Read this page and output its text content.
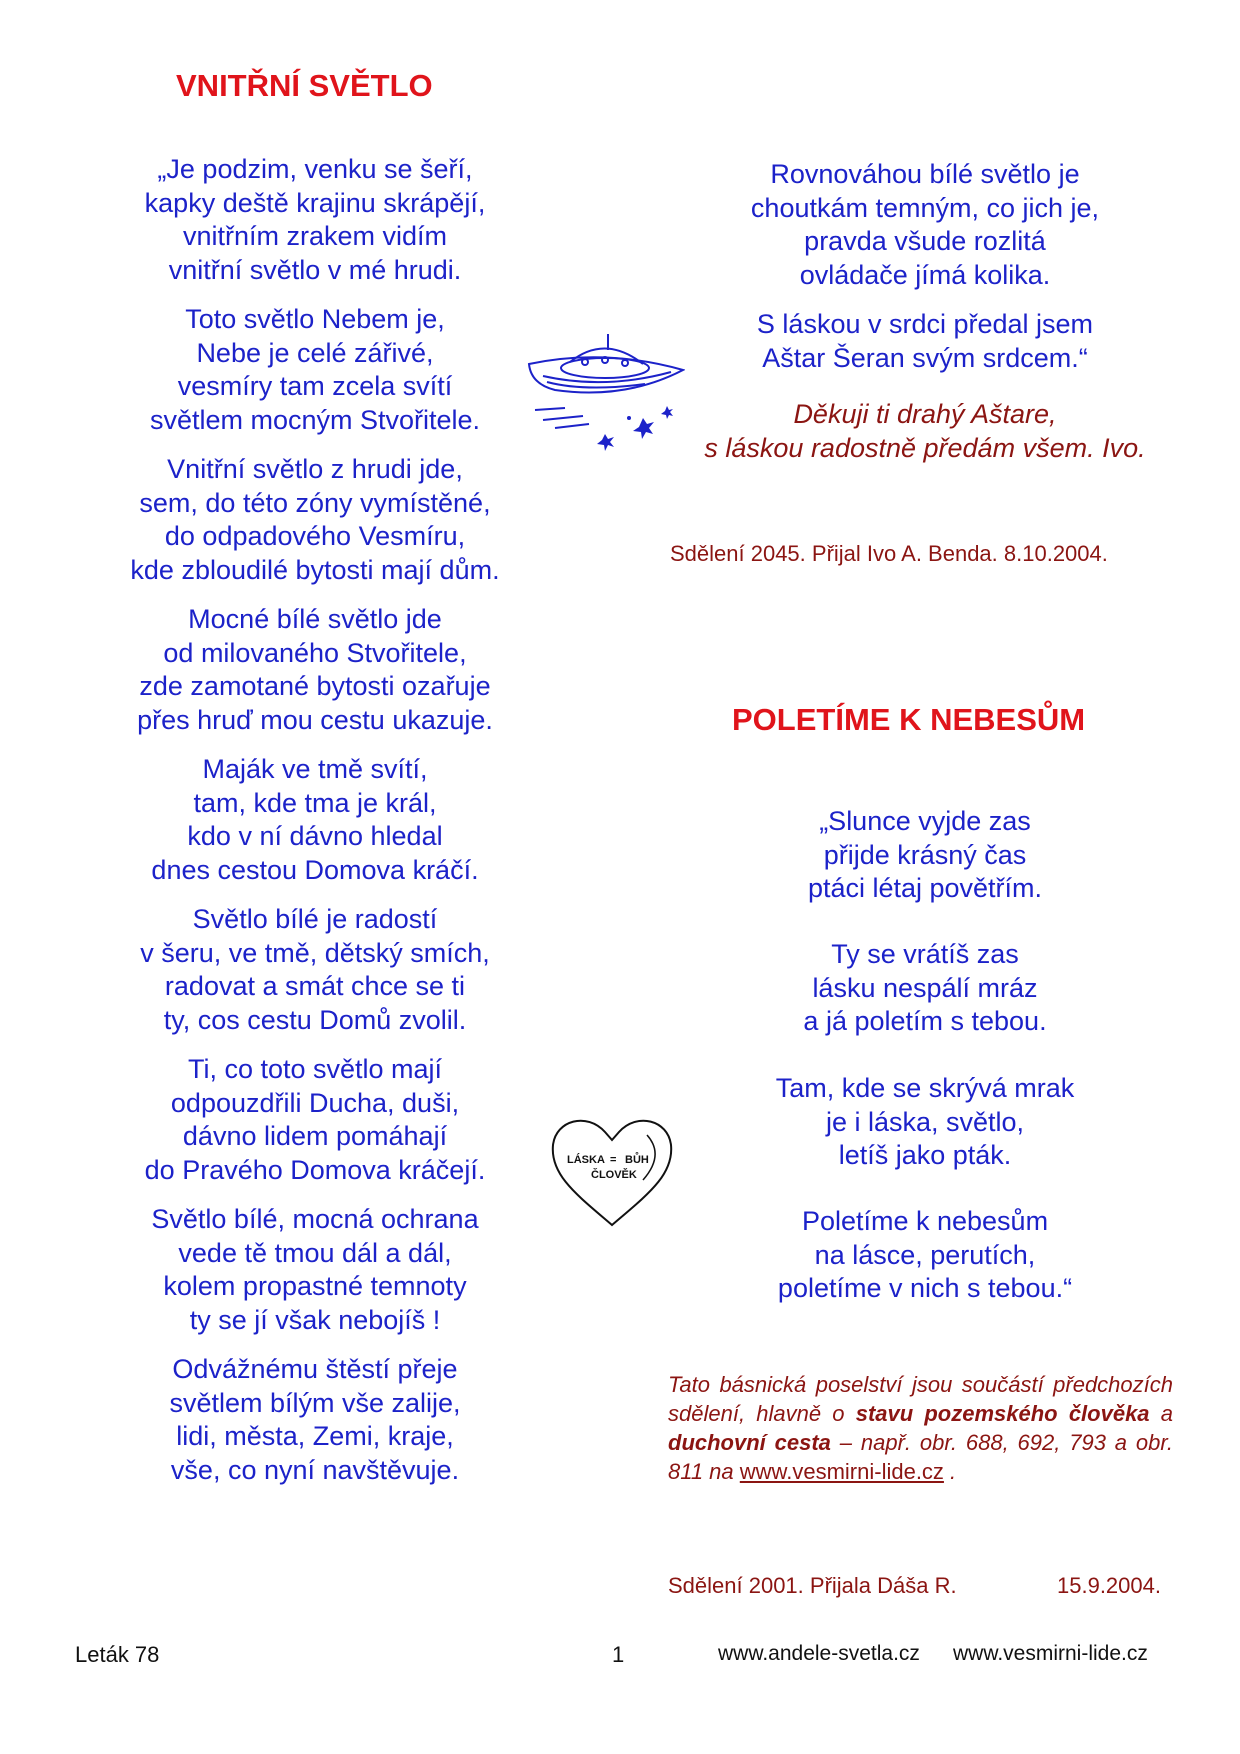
VNITŘNÍ SVĚTLO
„Je podzim, venku se šeří,
kapky deště krajinu skrápějí,
vnitřním zrakem vidím
vnitřní světlo v mé hrudi.
Toto světlo Nebem je,
Nebe je celé zářivé,
vesmíry tam zcela svítí
světlem mocným Stvořitele.
Vnitřní světlo z hrudi jde,
sem, do této zóny vymístěné,
do odpadového Vesmíru,
kde zbloudilé bytosti mají dům.
Mocné bílé světlo jde
od milovaného Stvořitele,
zde zamotané bytosti ozařuje
přes hruď mou cestu ukazuje.
Maják ve tmě svítí,
tam, kde tma je král,
kdo v ní dávno hledal
dnes cestou Domova kráčí.
Světlo bílé je radostí
v šeru, ve tmě, dětský smích,
radovat a smát chce se ti
ty, cos cestu Domů zvolil.
Ti, co toto světlo mají
odpouzdřili Ducha, duši,
dávno lidem pomáhají
do Pravého Domova kráčejí.
Světlo bílé, mocná ochrana
vede tě tmou dál a dál,
kolem propastné temnoty
ty se jí však nebojíš !
Odvážnému štěstí přeje
světlem bílým vše zalije,
lidi, města, Zemi, kraje,
vše, co nyní navštěvuje.
Rovnováhou bílé světlo je
choutkám temným, co jich je,
pravda všude rozlitá
ovládače jímá kolika.
S láskou v srdci předal jsem
Aštar Šeran svým srdcem.“
Děkuji ti drahý Aštare,
s láskou radostně předám všem. Ivo.
POLETÍME K NEBESŮM
„Slunce vyjde zas
přijde krásný čas
ptáci létaj povětřím.
Ty se vrátíš zas
lásku nespálí mráz
a já poletím s tebou.
Tam, kde se skrývá mrak
je i láska, světlo,
letíš jako pták.
Poletíme k nebesům
na lásce, perutích,
poletíme v nich s tebou.“
Sdělení 2045. Přijal Ivo A. Benda. 8.10.2004.
Tato básnická poselství jsou součástí předchozích sdělení, hlavně o stavu pozemského člověka a duchovní cesta – např. obr. 688, 692, 793 a obr. 811 na www.vesmirni-lide.cz .
Sdělení 2001. Přijala Dáša R.	15.9.2004.
LÁSKA = BŮH
ČLOVĚK
Leták 78	1	www.andele-svetla.cz www.vesmirni-lide.cz
